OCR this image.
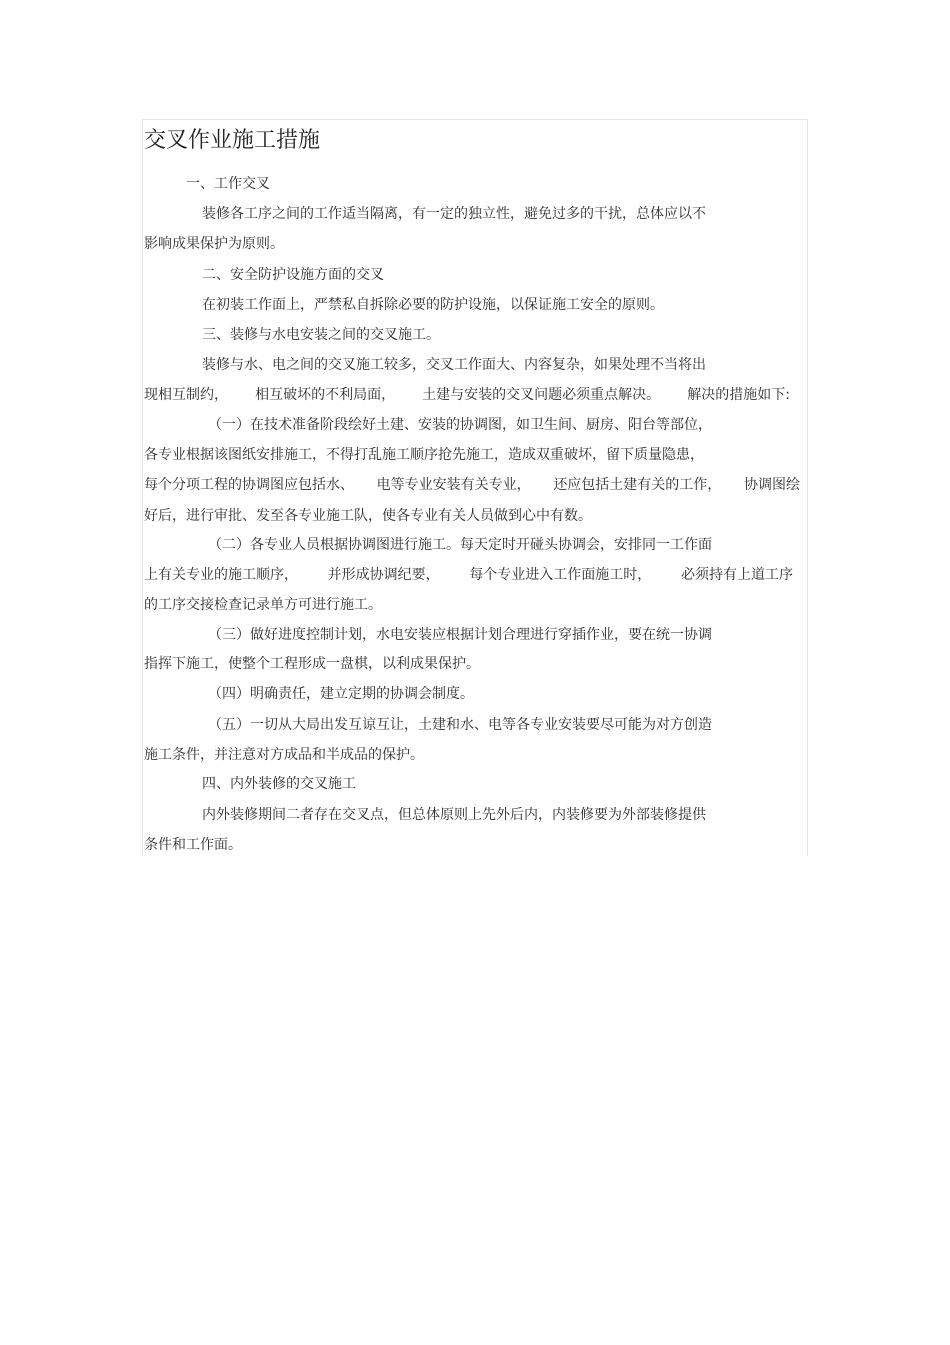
交叉作业施工措施
一、工作交叉
装修各工序之间的工作适当隔离，有一定的独立性，避免过多的干扰，总体应以不
影响成果保护为原则。
二、安全防护设施方面的交叉
在初装工作面上，严禁私自拆除必要的防护设施，以保证施工安全的原则。
三、装修与水电安装之间的交叉施工。
装修与水、电之间的交叉施工较多，交叉工作面大、内容复杂，如果处理不当将出
现相互制约， 相互破坏的不利局面， 土建与安装的交叉问题必须重点解决。 解决的措施如下:
（一）在技术准备阶段绘好土建、安装的协调图，如卫生间、厨房、阳台等部位，
各专业根据该图纸安排施工，不得打乱施工顺序抢先施工，造成双重破坏，留下质量隐患，
每个分项工程的协调图应包括水、 电等专业安装有关专业， 还应包括土建有关的工作， 协调图绘
好后，进行审批、发至各专业施工队，使各专业有关人员做到心中有数。
（二）各专业人员根据协调图进行施工。每天定时开碰头协调会，安排同一工作面
上有关专业的施工顺序， 并形成协调纪要， 每个专业进入工作面施工时， 必须持有上道工序
的工序交接检查记录单方可进行施工。
（三）做好进度控制计划，水电安装应根据计划合理进行穿插作业，要在统一协调
指挥下施工，使整个工程形成一盘棋，以利成果保护。
（四）明确责任，建立定期的协调会制度。
（五）一切从大局出发互谅互让，土建和水、电等各专业安装要尽可能为对方创造
施工条件，并注意对方成品和半成品的保护。
四、内外装修的交叉施工
内外装修期间二者存在交叉点，但总体原则上先外后内，内装修要为外部装修提供
条件和工作面。
